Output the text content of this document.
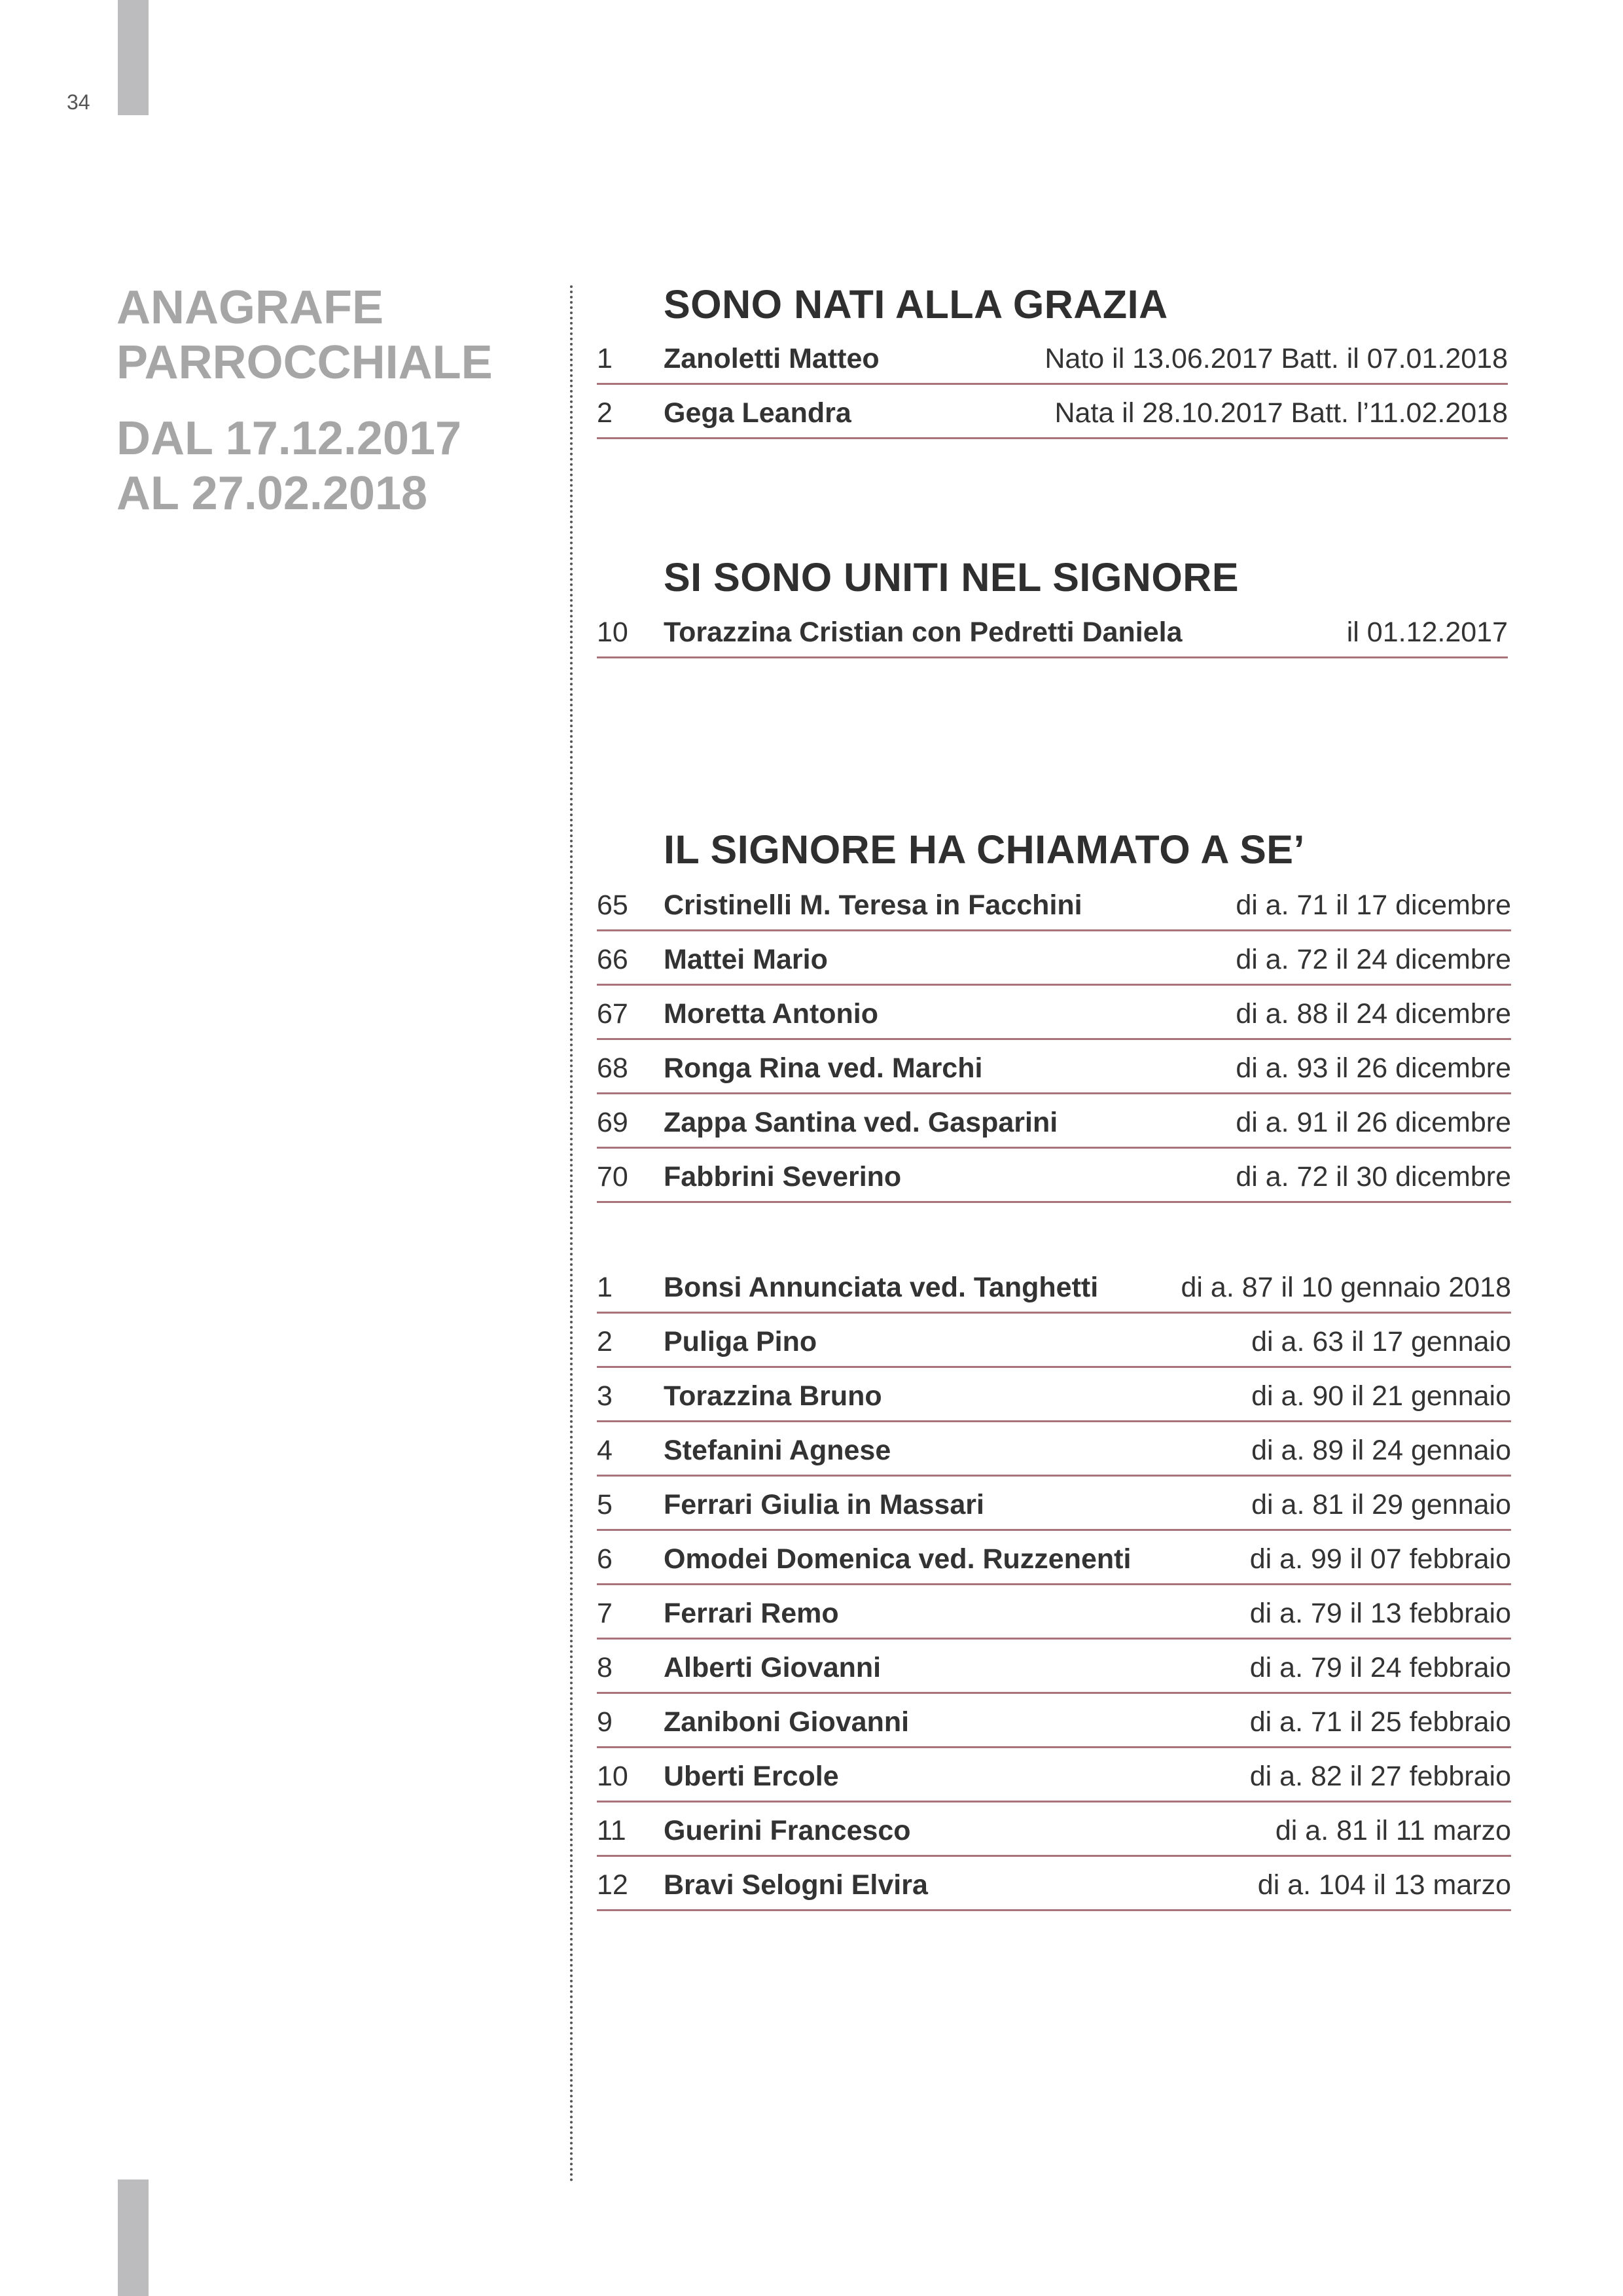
34
ANAGRAFE
PARROCCHIALE
DAL 17.12.2017
AL 27.02.2018
SONO NATI ALLA GRAZIA
1 Zanoletti Matteo	Nato il 13.06.2017 Batt. il 07.01.2018
2 Gega Leandra	Nata il 28.10.2017 Batt. l’11.02.2018
SI SONO UNITI NEL SIGNORE
10 Torazzina Cristian con Pedretti Daniela	il 01.12.2017
IL SIGNORE HA CHIAMATO A SE’
65 Cristinelli M. Teresa in Facchini	di a. 71 il 17 dicembre
66 Mattei Mario	di a. 72 il 24 dicembre
67 Moretta Antonio	di a. 88 il 24 dicembre
68 Ronga Rina ved. Marchi	di a. 93 il 26 dicembre
69 Zappa Santina ved. Gasparini	di a. 91 il 26 dicembre
70 Fabbrini Severino	di a. 72 il 30 dicembre
1 Bonsi Annunciata ved. Tanghetti	di a. 87 il 10 gennaio 2018
2 Puliga Pino	di a. 63 il 17 gennaio
3 Torazzina Bruno	di a. 90 il 21 gennaio
4 Stefanini Agnese	di a. 89 il 24 gennaio
5 Ferrari Giulia in Massari	di a. 81 il 29 gennaio
6 Omodei Domenica ved. Ruzzenenti	di a. 99 il 07 febbraio
7 Ferrari Remo	di a. 79 il 13 febbraio
8 Alberti Giovanni	di a. 79 il 24 febbraio
9 Zaniboni Giovanni	di a. 71 il 25 febbraio
10 Uberti Ercole	di a. 82 il 27 febbraio
11 Guerini Francesco	di a. 81 il 11 marzo
12 Bravi Selogni Elvira	di a. 104 il 13 marzo
